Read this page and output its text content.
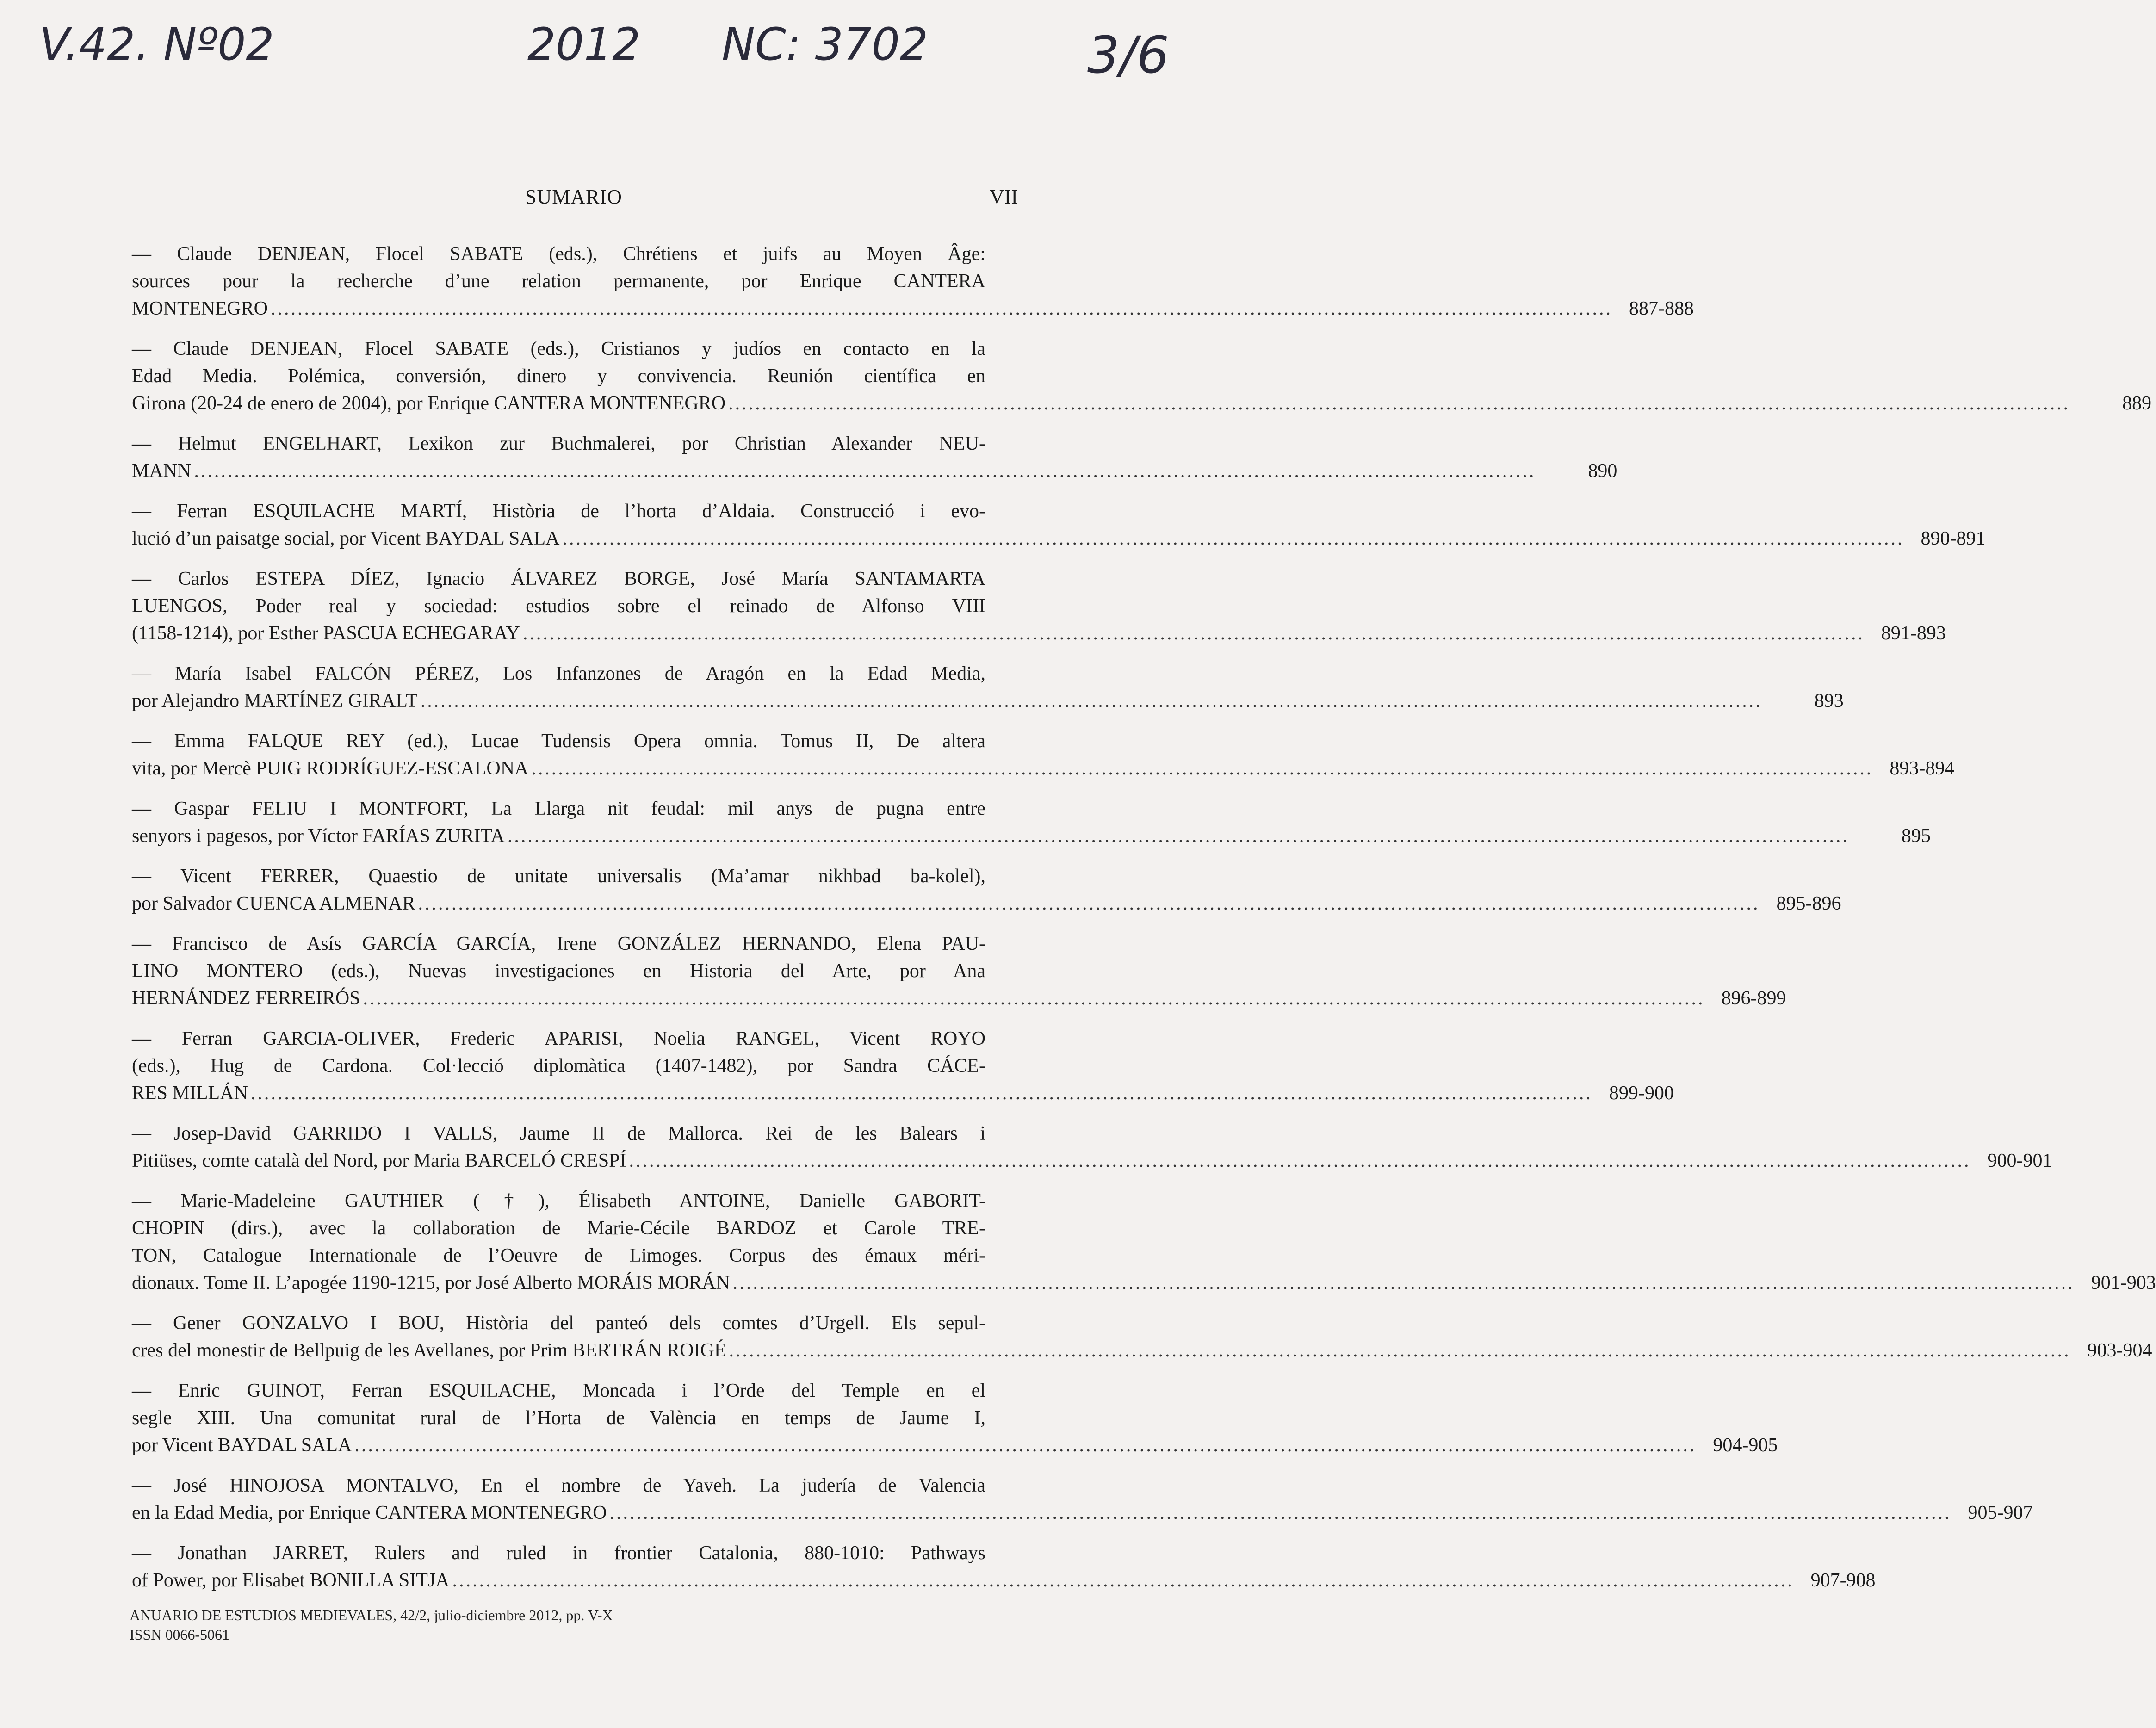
V.42. Nº02	2012 NC: 3702	3/6
SUMARIO	VII
— Claude DENJEAN, Flocel SABATE (eds.), Chrétiens et juifs au Moyen Âge:
sources pour la recherche d’une relation permanente, por Enrique CANTERA
MONTENEGRO ........................................................................................................................................................................................................ 887-888
— Claude DENJEAN, Flocel SABATE (eds.), Cristianos y judíos en contacto en la
Edad Media. Polémica, conversión, dinero y convivencia. Reunión científica en
Girona (20-24 de enero de 2004), por Enrique CANTERA MONTENEGRO ........................................................................................................................................................................................................	889
— Helmut ENGELHART, Lexikon zur Buchmalerei, por Christian Alexander NEU-
MANN ........................................................................................................................................................................................................	890
— Ferran ESQUILACHE MARTÍ, Història de l’horta d’Aldaia. Construcció i evo-
lució d’un paisatge social, por Vicent BAYDAL SALA ........................................................................................................................................................................................................ 890-891
— Carlos ESTEPA DÍEZ, Ignacio ÁLVAREZ BORGE, José María SANTAMARTA
LUENGOS, Poder real y sociedad: estudios sobre el reinado de Alfonso VIII
(1158-1214), por Esther PASCUA ECHEGARAY ........................................................................................................................................................................................................ 891-893
— María Isabel FALCÓN PÉREZ, Los Infanzones de Aragón en la Edad Media,
por Alejandro MARTÍNEZ GIRALT ........................................................................................................................................................................................................	893
— Emma FALQUE REY (ed.), Lucae Tudensis Opera omnia. Tomus II, De altera
vita, por Mercè PUIG RODRÍGUEZ-ESCALONA ........................................................................................................................................................................................................ 893-894
— Gaspar FELIU I MONTFORT, La Llarga nit feudal: mil anys de pugna entre
senyors i pagesos, por Víctor FARÍAS ZURITA ........................................................................................................................................................................................................	895
— Vicent FERRER, Quaestio de unitate universalis (Ma’amar nikhbad ba-kolel),
por Salvador CUENCA ALMENAR ........................................................................................................................................................................................................ 895-896
— Francisco de Asís GARCÍA GARCÍA, Irene GONZÁLEZ HERNANDO, Elena PAU-
LINO MONTERO (eds.), Nuevas investigaciones en Historia del Arte, por Ana
HERNÁNDEZ FERREIRÓS ........................................................................................................................................................................................................ 896-899
— Ferran GARCIA-OLIVER, Frederic APARISI, Noelia RANGEL, Vicent ROYO
(eds.), Hug de Cardona. Col·lecció diplomàtica (1407-1482), por Sandra CÁCE-
RES MILLÁN ........................................................................................................................................................................................................ 899-900
— Josep-David GARRIDO I VALLS, Jaume II de Mallorca. Rei de les Balears i
Pitiüses, comte català del Nord, por Maria BARCELÓ CRESPÍ ........................................................................................................................................................................................................ 900-901
— Marie-Madeleine GAUTHIER (†), Élisabeth ANTOINE, Danielle GABORIT-
CHOPIN (dirs.), avec la collaboration de Marie-Cécile BARDOZ et Carole TRE-
TON, Catalogue Internationale de l’Oeuvre de Limoges. Corpus des émaux méri-
dionaux. Tome II. L’apogée 1190-1215, por José Alberto MORÁIS MORÁN ........................................................................................................................................................................................................ 901-903
— Gener GONZALVO I BOU, Història del panteó dels comtes d’Urgell. Els sepul-
cres del monestir de Bellpuig de les Avellanes, por Prim BERTRÁN ROIGÉ ........................................................................................................................................................................................................ 903-904
— Enric GUINOT, Ferran ESQUILACHE, Moncada i l’Orde del Temple en el
segle XIII. Una comunitat rural de l’Horta de València en temps de Jaume I,
por Vicent BAYDAL SALA ........................................................................................................................................................................................................ 904-905
— José HINOJOSA MONTALVO, En el nombre de Yaveh. La judería de Valencia
en la Edad Media, por Enrique CANTERA MONTENEGRO ........................................................................................................................................................................................................ 905-907
— Jonathan JARRET, Rulers and ruled in frontier Catalonia, 880-1010: Pathways
of Power, por Elisabet BONILLA SITJA ........................................................................................................................................................................................................ 907-908
ANUARIO DE ESTUDIOS MEDIEVALES, 42/2, julio-diciembre 2012, pp. V-X
ISSN 0066-5061
